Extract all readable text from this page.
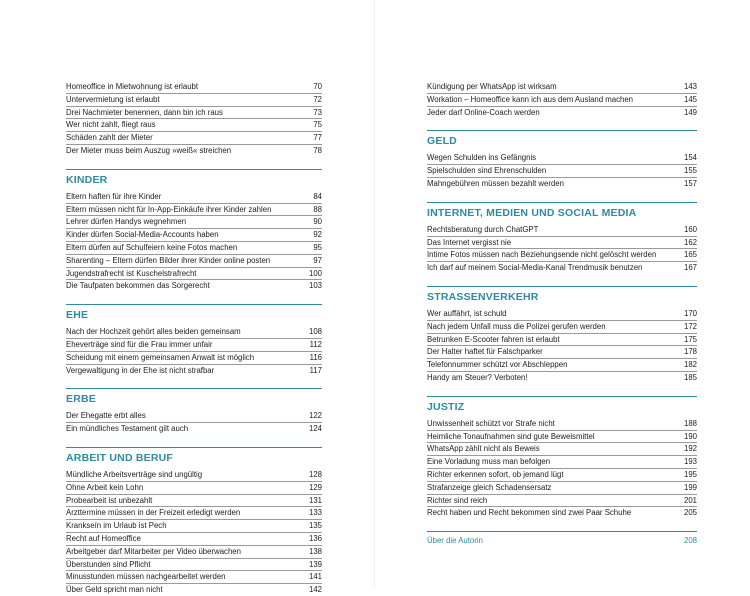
Homeoffice in Mietwohnung ist erlaubt	70
Untervermietung ist erlaubt	72
Drei Nachmieter benennen, dann bin ich raus	73
Wer nicht zahlt, fliegt raus	75
Schäden zahlt der Mieter	77
Der Mieter muss beim Auszug »weiß« streichen	78
KINDER
Eltern haften für ihre Kinder	84
Eltern müssen nicht für In-App-Einkäufe ihrer Kinder zahlen	88
Lehrer dürfen Handys wegnehmen	90
Kinder dürfen Social-Media-Accounts haben	92
Eltern dürfen auf Schulfeiern keine Fotos machen	95
Sharenting – Eltern dürfen Bilder ihrer Kinder online posten	97
Jugendstrafrecht ist Kuschelstrafrecht	100
Die Taufpaten bekommen das Sorgerecht	103
EHE
Nach der Hochzeit gehört alles beiden gemeinsam	108
Eheverträge sind für die Frau immer unfair	112
Scheidung mit einem gemeinsamen Anwalt ist möglich	116
Vergewaltigung in der Ehe ist nicht strafbar	117
ERBE
Der Ehegatte erbt alles	122
Ein mündliches Testament gilt auch	124
ARBEIT UND BERUF
Mündliche Arbeitsverträge sind ungültig	128
Ohne Arbeit kein Lohn	129
Probearbeit ist unbezahlt	131
Arzttermine müssen in der Freizeit erledigt werden	133
Krankseín im Urlaub ist Pech	135
Recht auf Homeoffice	136
Arbeitgeber darf Mitarbeiter per Video überwachen	138
Überstunden sind Pflicht	139
Minusstunden müssen nachgearbeitet werden	141
Über Geld spricht man nicht	142
Kündigung per WhatsApp ist wirksam	143
Workation – Homeoffice kann ich aus dem Ausland machen	145
Jeder darf Online-Coach werden	149
GELD
Wegen Schulden ins Gefängnis	154
Spielschulden sind Ehrenschulden	155
Mahngebühren müssen bezahlt werden	157
INTERNET, MEDIEN UND SOCIAL MEDIA
Rechtsberatung durch ChatGPT	160
Das Internet vergisst nie	162
Intime Fotos müssen nach Beziehungsende nicht gelöscht werden	165
Ich darf auf meinem Social-Media-Kanal Trendmusik benutzen	167
STRASSENVERKEHR
Wer auffährt, ist schuld	170
Nach jedem Unfall muss die Polizei gerufen werden	172
Betrunken E-Scooter fahren ist erlaubt	175
Der Halter haftet für Falschparker	178
Telefonnummer schützt vor Abschleppen	182
Handy am Steuer? Verboten!	185
JUSTIZ
Unwissenheit schützt vor Strafe nicht	188
Heimliche Tonaufnahmen sind gute Beweismittel	190
WhatsApp zählt nicht als Beweis	192
Eine Vorladung muss man befolgen	193
Richter erkennen sofort, ob jemand lügt	195
Strafanzeige gleich Schadensersatz	199
Richter sind reich	201
Recht haben und Recht bekommen sind zwei Paar Schuhe	205
Über die Autorin	208
